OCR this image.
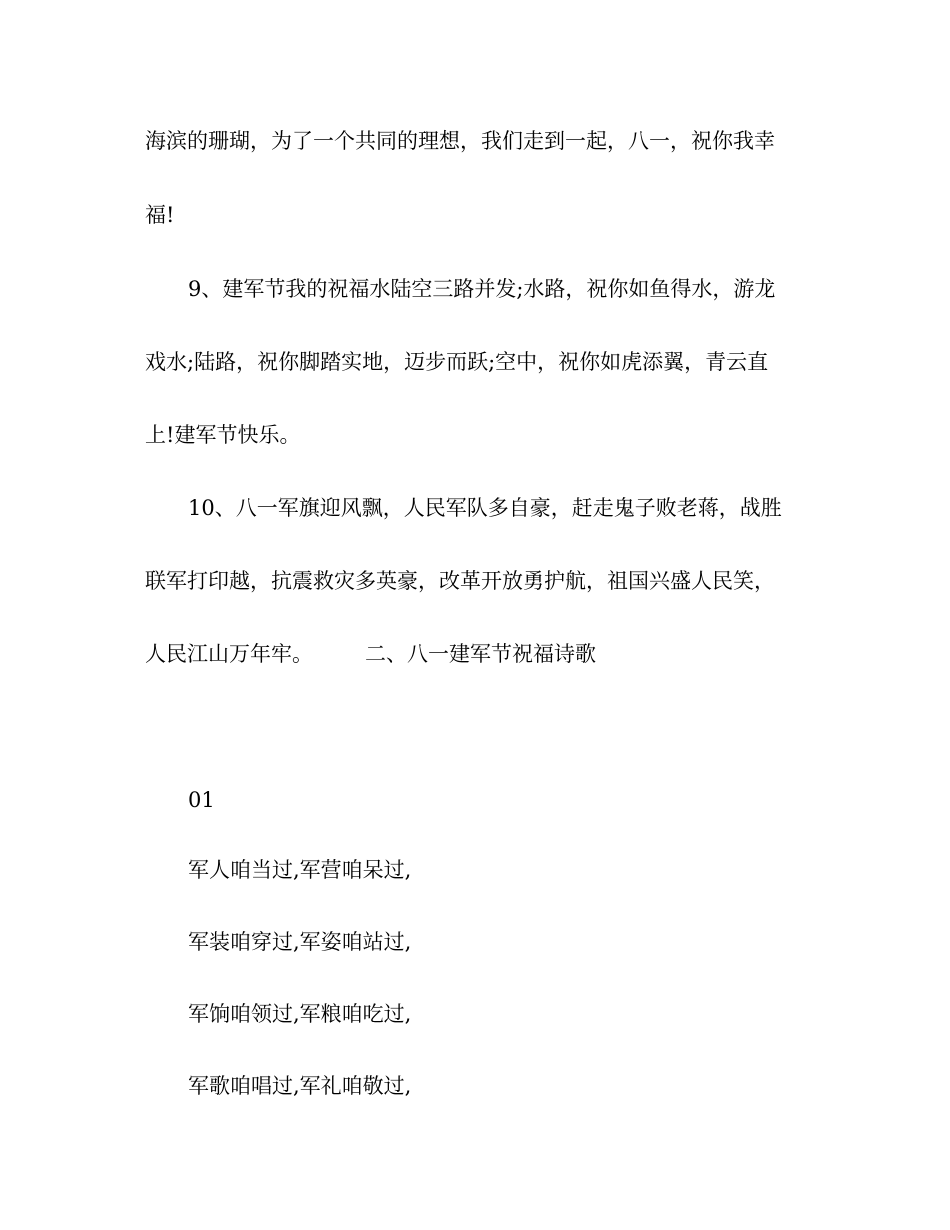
海滨的珊瑚，为了一个共同的理想，我们走到一起，八一，祝你我幸
福!
9、建军节我的祝福水陆空三路并发;水路，祝你如鱼得水，游龙
戏水;陆路，祝你脚踏实地，迈步而跃;空中，祝你如虎添翼，青云直
上!建军节快乐。
10、八一军旗迎风飘，人民军队多自豪，赶走鬼子败老蒋，战胜
联军打印越，抗震救灾多英豪，改革开放勇护航，祖国兴盛人民笑，
人民江山万年牢。 二、八一建军节祝福诗歌
01
军人咱当过,军营咱呆过,
军装咱穿过,军姿咱站过,
军饷咱领过,军粮咱吃过,
军歌咱唱过,军礼咱敬过,
